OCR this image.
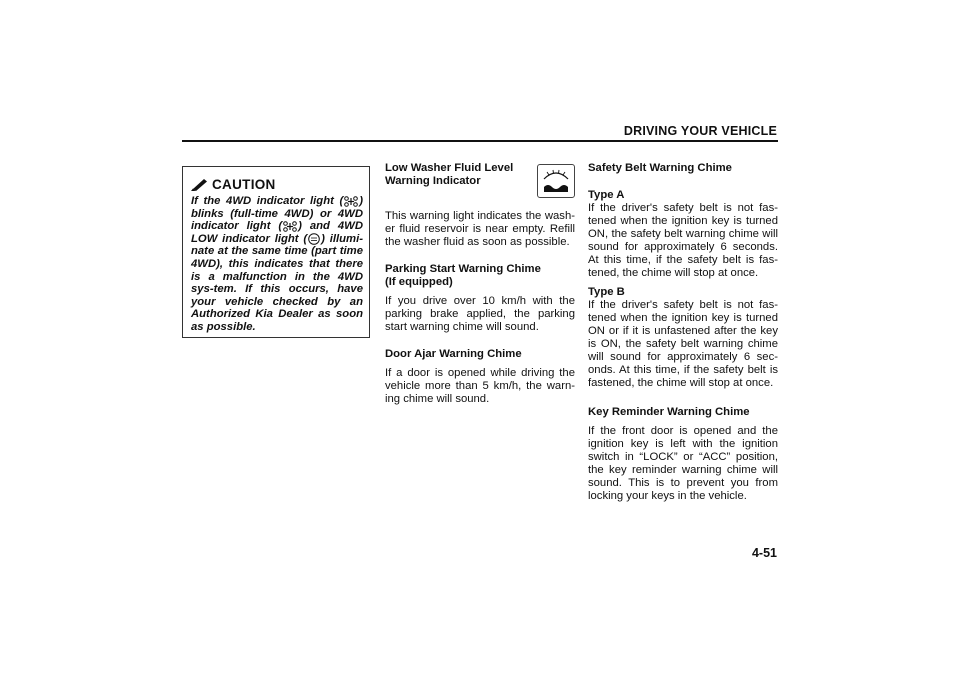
DRIVING YOUR VEHICLE
CAUTION
If the 4WD indicator light ( ) blinks (full-time 4WD) or 4WD indicator light ( ) and 4WD LOW indicator light ( ) illumi-nate at the same time (part time 4WD), this indicates that there is a malfunction in the 4WD sys-tem. If this occurs, have your vehicle checked by an Authorized Kia Dealer as soon as possible.
Low Washer Fluid Level
Warning Indicator

This warning light indicates the wash-er fluid reservoir is near empty. Refill the washer fluid as soon as possible.

Parking Start Warning Chime
(If equipped)

If you drive over 10 km/h with the parking brake applied, the parking start warning chime will sound.

Door Ajar Warning Chime

If a door is opened while driving the vehicle more than 5 km/h, the warn-ing chime will sound.

Safety Belt Warning Chime
Type A

If the driver's safety belt is not fas-tened when the ignition key is turned ON, the safety belt warning chime will sound for approximately 6 seconds. At this time, if the safety belt is fas-tened, the chime will stop at once.

Type B

If the driver's safety belt is not fas-tened when the ignition key is turned ON or if it is unfastened after the key is ON, the safety belt warning chime will sound for approximately 6 sec-onds. At this time, if the safety belt is fastened, the chime will stop at once.

Key Reminder Warning Chime

If the front door is opened and the ignition key is left with the ignition switch in “LOCK” or “ACC” position, the key reminder warning chime will sound. This is to prevent you from locking your keys in the vehicle.

4-51
